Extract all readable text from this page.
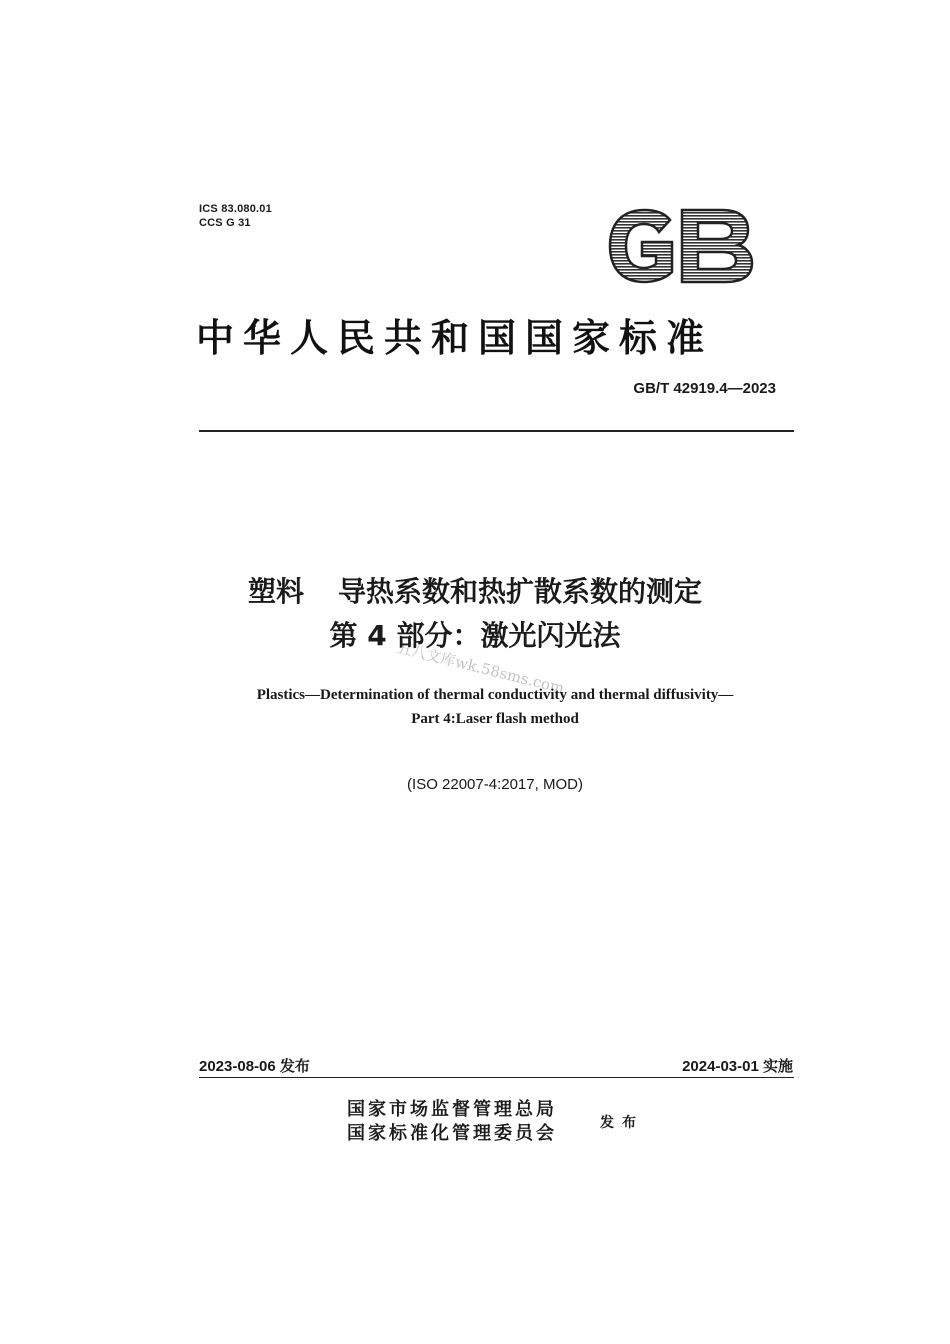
ICS 83.080.01
CCS G 31
中华人民共和国国家标准
GB/T 42919.4—2023
塑料 导热系数和热扩散系数的测定
第 4 部分：激光闪光法
五八文库wk.58sms.com
Plastics—Determination of thermal conductivity and thermal diffusivity—
Part 4:Laser flash method
(ISO 22007-4:2017, MOD)
2023-08-06 发布	2024-03-01 实施
国家市场监督管理总局
国家标准化管理委员会	发布
